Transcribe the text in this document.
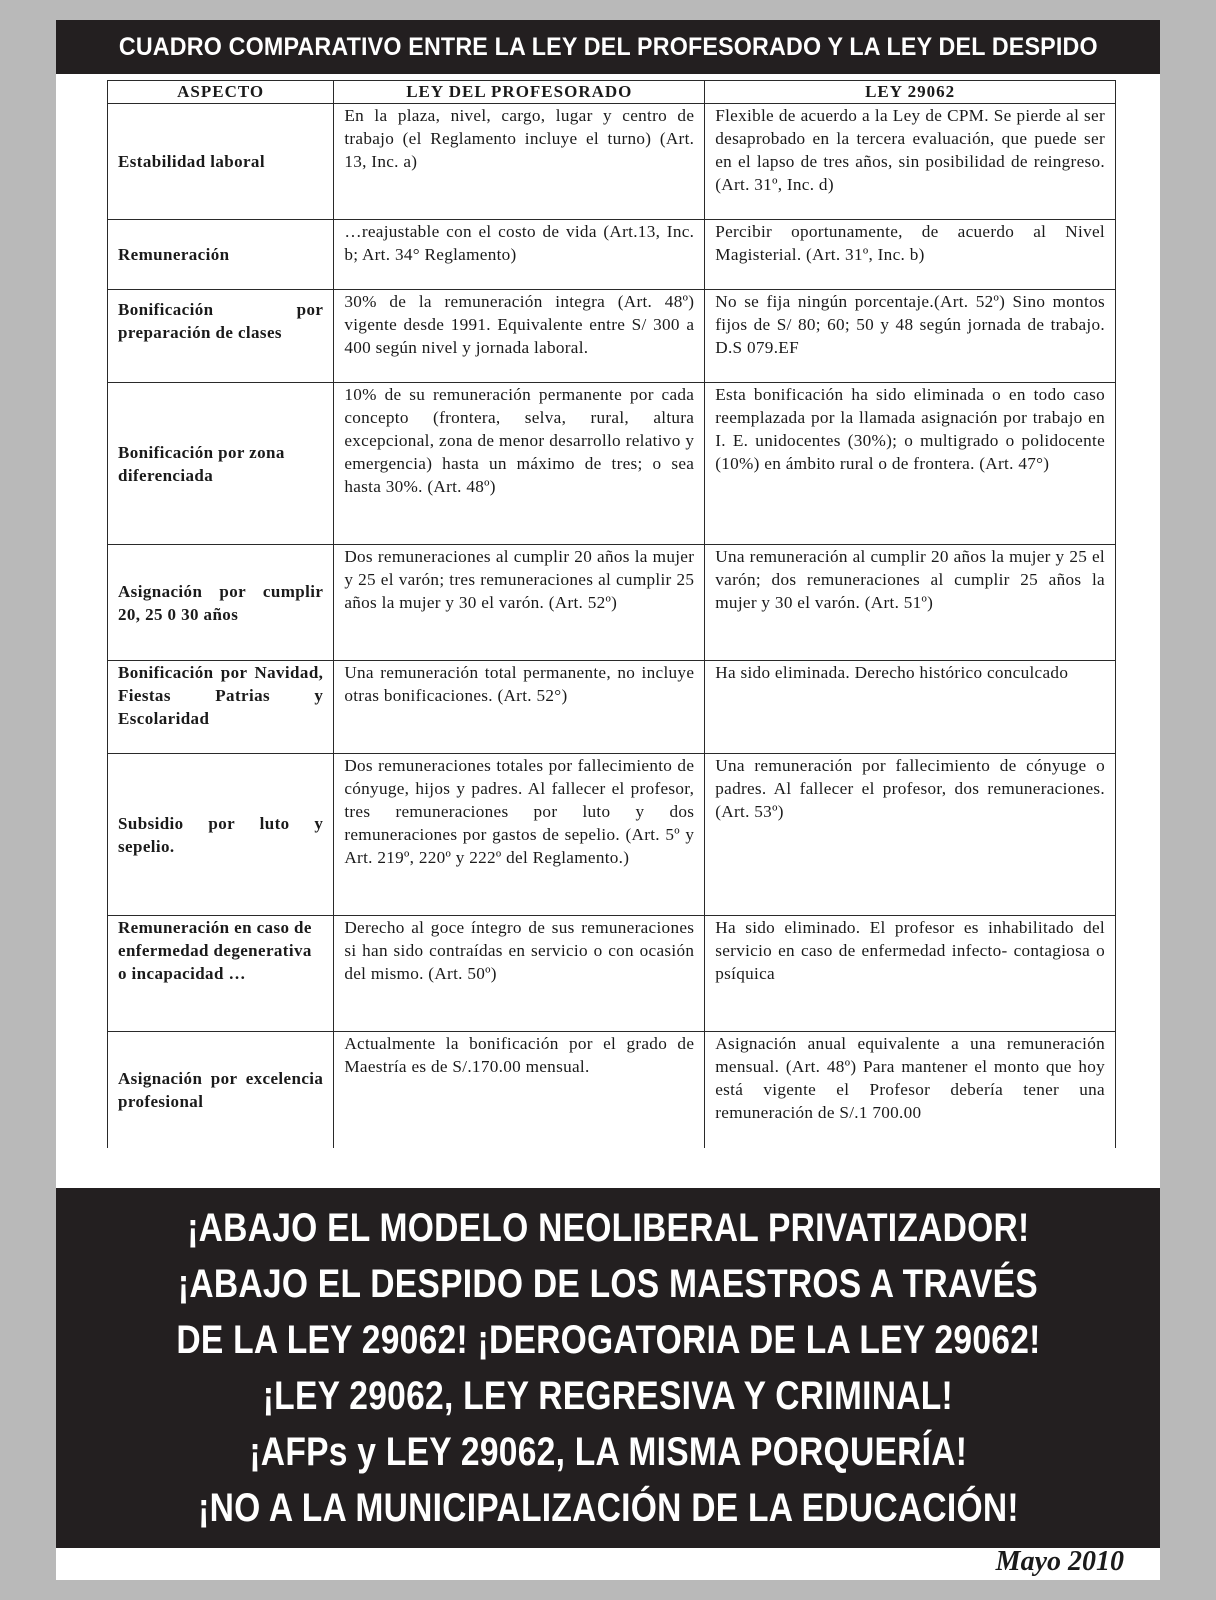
CUADRO COMPARATIVO ENTRE LA LEY DEL PROFESORADO Y LA LEY DEL DESPIDO
ASPECTO	LEY DEL PROFESORADO	LEY 29062
Estabilidad laboral	En la plaza, nivel, cargo, lugar y centro de trabajo (el Reglamento incluye el turno) (Art. 13, Inc. a)	Flexible de acuerdo a la Ley de CPM. Se pierde al ser desaprobado en la tercera evaluación, que puede ser en el lapso de tres años, sin posibilidad de reingreso. (Art. 31º, Inc. d)

Remuneración	…reajustable con el costo de vida (Art.13, Inc. b; Art. 34° Reglamento)	Percibir oportunamente, de acuerdo al Nivel Magisterial. (Art. 31º, Inc. b)

Bonificación por preparación de clases	30% de la remuneración integra (Art. 48º) vigente desde 1991. Equivalente entre S/ 300 a 400 según nivel y jornada laboral.	No se fija ningún porcentaje.(Art. 52º) Sino montos fijos de S/ 80; 60; 50 y 48 según jornada de trabajo. D.S 079.EF

Bonificación por zona diferenciada	10% de su remuneración permanente por cada concepto (frontera, selva, rural, altura excepcional, zona de menor desarrollo relativo y emergencia) hasta un máximo de tres; o sea hasta 30%. (Art. 48º)	Esta bonificación ha sido eliminada o en todo caso reemplazada por la llamada asignación por trabajo en I. E. unidocentes (30%); o multigrado o polidocente (10%) en ámbito rural o de frontera. (Art. 47°)

Asignación por cumplir 20, 25 0 30 años	Dos remuneraciones al cumplir 20 años la mujer y 25 el varón; tres remuneraciones al cumplir 25 años la mujer y 30 el varón. (Art. 52º)	Una remuneración al cumplir 20 años la mujer y 25 el varón; dos remuneraciones al cumplir 25 años la mujer y 30 el varón. (Art. 51º)

Bonificación por Navidad, Fiestas Patrias y Escolaridad	Una remuneración total permanente, no incluye otras bonificaciones. (Art. 52°)	Ha sido eliminada. Derecho histórico conculcado

Subsidio por luto y sepelio.	Dos remuneraciones totales por fallecimiento de cónyuge, hijos y padres. Al fallecer el profesor, tres remuneraciones por luto y dos remuneraciones por gastos de sepelio. (Art. 5º y Art. 219º, 220º y 222º del Reglamento.)	Una remuneración por fallecimiento de cónyuge o padres. Al fallecer el profesor, dos remuneraciones. (Art. 53º)

Remuneración en caso de enfermedad degenerativa o incapacidad …	Derecho al goce íntegro de sus remuneraciones si han sido contraídas en servicio o con ocasión del mismo. (Art. 50º)	Ha sido eliminado. El profesor es inhabilitado del servicio en caso de enfermedad infecto- contagiosa o psíquica

Asignación por excelencia profesional	Actualmente la bonificación por el grado de Maestría es de S/.170.00 mensual.	Asignación anual equivalente a una remuneración mensual. (Art. 48º) Para mantener el monto que hoy está vigente el Profesor debería tener una remuneración de S/.1 700.00
¡ABAJO EL MODELO NEOLIBERAL PRIVATIZADOR!
¡ABAJO EL DESPIDO DE LOS MAESTROS A TRAVÉS
DE LA LEY 29062! ¡DEROGATORIA DE LA LEY 29062!
¡LEY 29062, LEY REGRESIVA Y CRIMINAL!
¡AFPs y LEY 29062, LA MISMA PORQUERÍA!
¡NO A LA MUNICIPALIZACIÓN DE LA EDUCACIÓN!
Mayo 2010
